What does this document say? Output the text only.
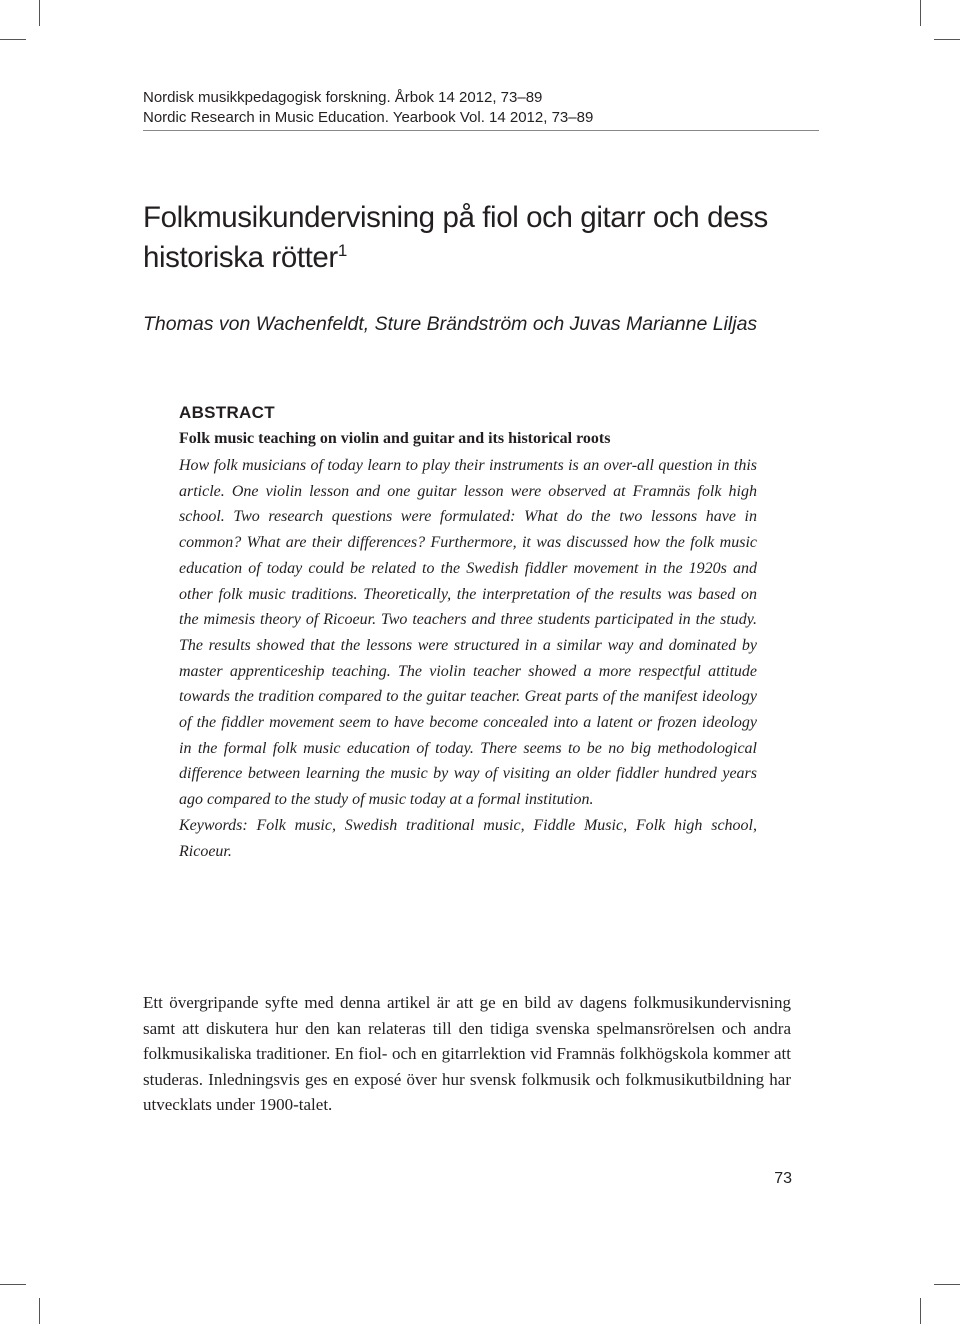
Nordisk musikkpedagogisk forskning. Årbok 14 2012, 73–89
Nordic Research in Music Education. Yearbook Vol. 14 2012, 73–89
Folkmusikundervisning på fiol och gitarr och dess historiska rötter$^1$
Thomas von Wachenfeldt, Sture Brändström och Juvas Marianne Liljas
ABSTRACT
Folk music teaching on violin and guitar and its historical roots
How folk musicians of today learn to play their instruments is an over-all question in this article. One violin lesson and one guitar lesson were observed at Framnäs folk high school. Two research questions were formulated: What do the two lessons have in common? What are their differences? Furthermore, it was discussed how the folk music education of today could be related to the Swedish fiddler movement in the 1920s and other folk music traditions. Theoretically, the interpretation of the results was based on the mimesis theory of Ricoeur. Two teachers and three students participated in the study. The results showed that the lessons were structured in a similar way and dominated by master apprenticeship teaching. The violin teacher showed a more respectful attitude towards the tradition compared to the guitar teacher. Great parts of the manifest ideology of the fiddler movement seem to have become concealed into a latent or frozen ideology in the formal folk music education of today. There seems to be no big methodological difference between learning the music by way of visiting an older fiddler hundred years ago compared to the study of music today at a formal institution.
Keywords: Folk music, Swedish traditional music, Fiddle Music, Folk high school, Ricoeur.
Ett övergripande syfte med denna artikel är att ge en bild av dagens folkmusikundervisning samt att diskutera hur den kan relateras till den tidiga svenska spelmansrörelsen och andra folkmusikaliska traditioner. En fiol- och en gitarrlektion vid Framnäs folkhögskola kommer att studeras. Inledningsvis ges en exposé över hur svensk folkmusik och folkmusikutbildning har utvecklats under 1900-talet.
73
